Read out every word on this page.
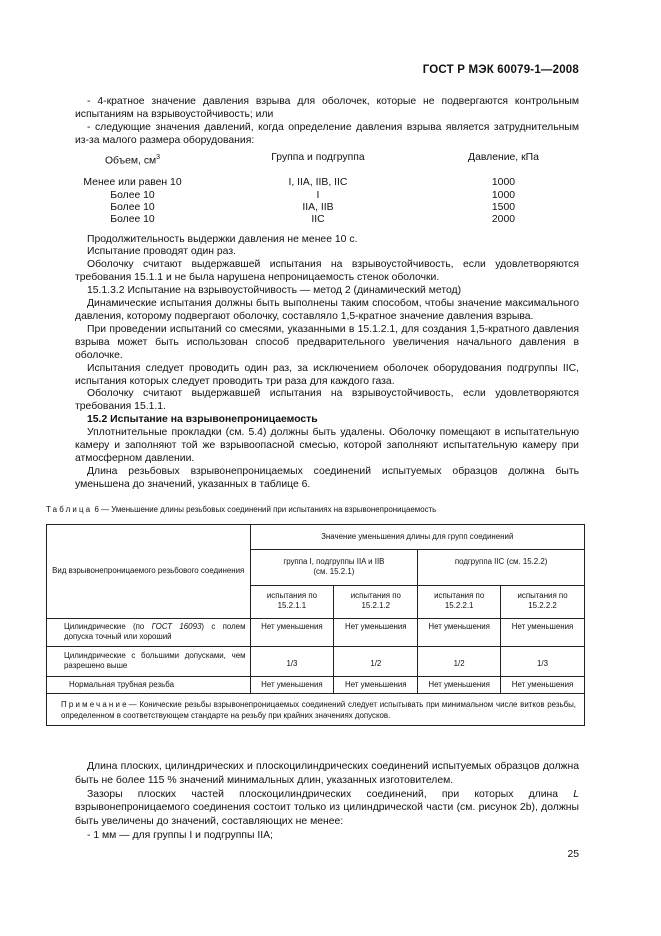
ГОСТ Р МЭК 60079-1—2008

- 4-кратное значение давления взрыва для оболочек, которые не подвергаются контрольным испытаниям на взрывоустойчивость; или

- следующие значения давлений, когда определение давления взрыва является затруднительным из-за малого размера оборудования:

Объем, $см^3$	Группа и подгруппа	Давление, кПа
Менее или равен 10	I, IIA, IIB, IIC	1000
Более 10	I	1000
Более 10	IIA, IIB	1500
Более 10	IIC	2000

Продолжительность выдержки давления не менее 10 с.

Испытание проводят один раз.

Оболочку считают выдержавшей испытания на взрывоустойчивость, если удовлетворяются требования 15.1.1 и не была нарушена непроницаемость стенок оболочки.

15.1.3.2 Испытание на взрывоустойчивость — метод 2 (динамический метод)

Динамические испытания должны быть выполнены таким способом, чтобы значение максимального давления, которому подвергают оболочку, составляло 1,5-кратное значение давления взрыва.

При проведении испытаний со смесями, указанными в 15.1.2.1, для создания 1,5-кратного давления взрыва может быть использован способ предварительного увеличения начального давления в оболочке.

Испытания следует проводить один раз, за исключением оболочек оборудования подгруппы IIC, испытания которых следует проводить три раза для каждого газа.

Оболочку считают выдержавшей испытания на взрывоустойчивость, если удовлетворяются требования 15.1.1.

15.2 Испытание на взрывонепроницаемость

Уплотнительные прокладки (см. 5.4) должны быть удалены. Оболочку помещают в испытательную камеру и заполняют той же взрывоопасной смесью, которой заполняют испытательную камеру при атмосферном давлении.

Длина резьбовых взрывонепроницаемых соединений испытуемых образцов должна быть уменьшена до значений, указанных в таблице 6.

Таблица 6 — Уменьшение длины резьбовых соединений при испытаниях на взрывонепроницаемость
Вид взрывонепроницаемого резьбового соединения	Значение уменьшения длины для групп соединений			
	группа I, подгруппы IIA и IIB (см. 15.2.1)		подгруппа IIC (см. 15.2.2)	
	испытания по 15.2.1.1	испытания по 15.2.1.2	испытания по 15.2.2.1	испытания по 15.2.2.2
Цилиндрические (по ГОСТ 16093) с полем допуска точный или хороший	Нет уменьшения	Нет уменьшения	Нет уменьшения	Нет уменьшения
Цилиндрические с большими допусками, чем разрешено выше	1/3	1/2	1/2	1/3
Нормальная трубная резьба	Нет уменьшения	Нет уменьшения	Нет уменьшения	Нет уменьшения
Примечание— Конические резьбы взрывонепроницаемых соединений следует испытывать при минимальном числе витков резьбы, определенном в соответствующем стандарте на резьбу при крайних значениях допусков.				

Длина плоских, цилиндрических и плоскоцилиндрических соединений испытуемых образцов должна быть не более 115 % значений минимальных длин, указанных изготовителем.

Зазоры плоских частей плоскоцилиндрических соединений, при которых длина L взрывонепроницаемого соединения состоит только из цилиндрической части (см. рисунок 2b), должны быть увеличены до значений, составляющих не менее:

- 1 мм — для группы I и подгруппы IIA;

25
